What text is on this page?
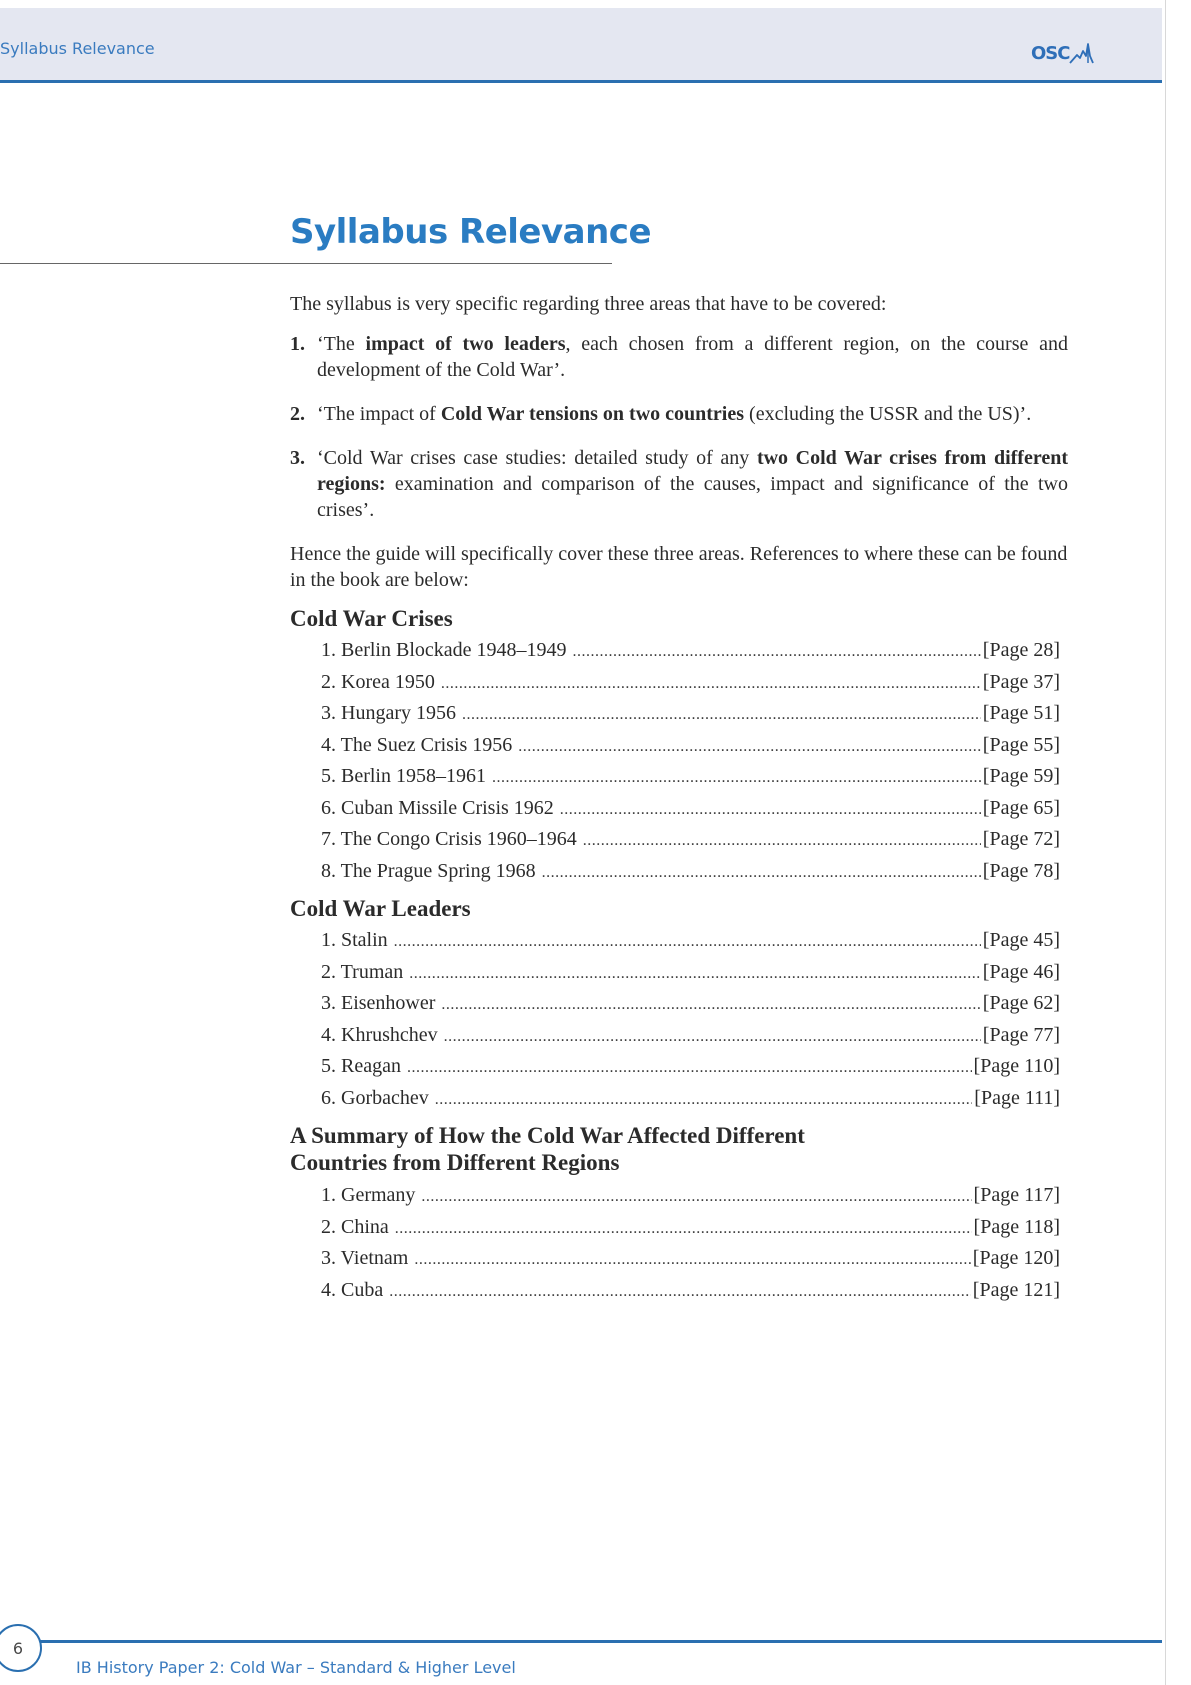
Syllabus Relevance	OSC
Syllabus Relevance

The syllabus is very specific regarding three areas that have to be covered:

1. ‘The impact of two leaders, each chosen from a different region, on the course and development of the Cold War’.
2. ‘The impact of Cold War tensions on two countries (excluding the USSR and the US)’.
3. ‘Cold War crises case studies: detailed study of any two Cold War crises from different regions: examination and comparison of the causes, impact and significance of the two crises’.

Hence the guide will specifically cover these three areas. References to where these can be found in the book are below:

Cold War Crises
1. Berlin Blockade 1948–1949 .....	[Page 28]
2. Korea 1950 .....	[Page 37]
3. Hungary 1956 .....	[Page 51]
4. The Suez Crisis 1956 .....	[Page 55]
5. Berlin 1958–1961 .....	[Page 59]
6. Cuban Missile Crisis 1962 .....	[Page 65]
7. The Congo Crisis 1960–1964 .....	[Page 72]
8. The Prague Spring 1968 .....	[Page 78]
Cold War Leaders
1. Stalin .....	[Page 45]
2. Truman .....	[Page 46]
3. Eisenhower .....	[Page 62]
4. Khrushchev .....	[Page 77]
5. Reagan .....	[Page 110]
6. Gorbachev .....	[Page 111]
A Summary of How the Cold War Affected Different Countries from Different Regions
1. Germany .....	[Page 117]
2. China .....	[Page 118]
3. Vietnam .....	[Page 120]
4. Cuba .....	[Page 121]
6
IB History Paper 2: Cold War – Standard & Higher Level
